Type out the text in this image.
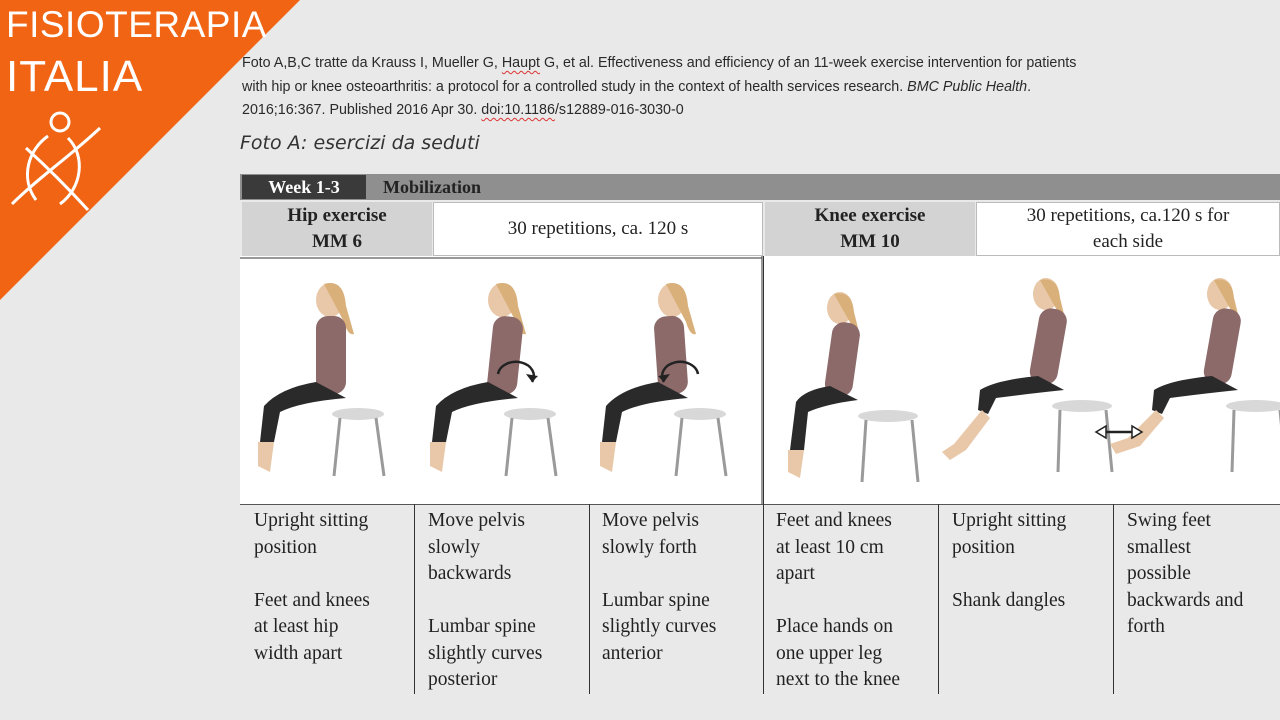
FISIOTERAPIA
ITALIA	Foto A,B,C tratte da Krauss I, Mueller G, Haupt G, et al. Effectiveness and efficiency of an 11-week exercise intervention for patients
with hip or knee osteoarthritis: a protocol for a controlled study in the context of health services research. BMC Public Health.
2016;16:367. Published 2016 Apr 30. doi:10.1186/s12889-016-3030-0
Foto A: esercizi da seduti
Week 1-3	Mobilization
Hip exercise
MM 6
30 repetitions, ca. 120 s
Knee exercise
MM 10
30 repetitions, ca.120 s for
each side
Upright sitting
position
Feet and knees
at least hip
width apart
Move pelvis
slowly
backwards
Lumbar spine
slightly curves
posterior
Move pelvis
slowly forth
Lumbar spine
slightly curves
anterior
Feet and knees
at least 10 cm
apart
Place hands on
one upper leg
next to the knee
Upright sitting
position
Shank dangles
Swing feet
smallest
possible
backwards and
forth
